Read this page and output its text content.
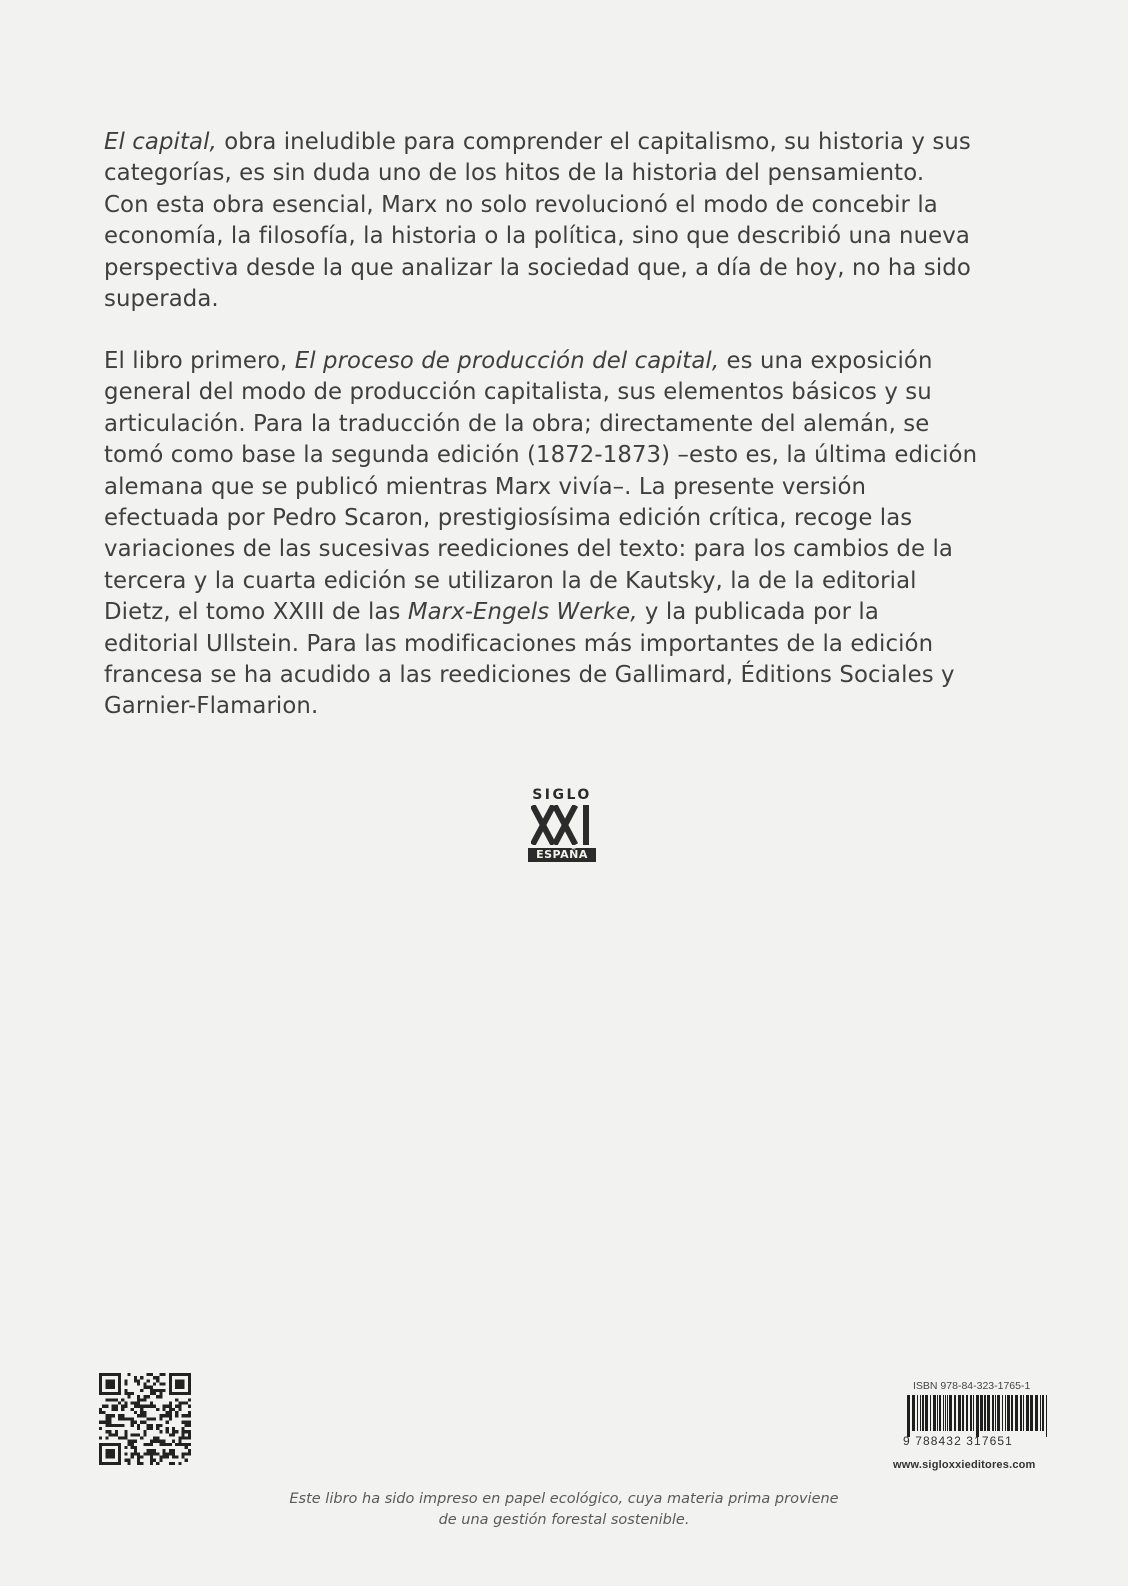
El capital, obra ineludible para comprender el capitalismo, su historia y sus

categorías, es sin duda uno de los hitos de la historia del pensamiento.

Con esta obra esencial, Marx no solo revolucionó el modo de concebir la

economía, la filosofía, la historia o la política, sino que describió una nueva

perspectiva desde la que analizar la sociedad que, a día de hoy, no ha sido

superada.

El libro primero, El proceso de producción del capital, es una exposición

general del modo de producción capitalista, sus elementos básicos y su

articulación. Para la traducción de la obra; directamente del alemán, se

tomó como base la segunda edición (1872-1873) –esto es, la última edición

alemana que se publicó mientras Marx vivía–. La presente versión

efectuada por Pedro Scaron, prestigiosísima edición crítica, recoge las

variaciones de las sucesivas reediciones del texto: para los cambios de la

tercera y la cuarta edición se utilizaron la de Kautsky, la de la editorial

Dietz, el tomo XXIII de las Marx-Engels Werke, y la publicada por la

editorial Ullstein. Para las modificaciones más importantes de la edición

francesa se ha acudido a las reediciones de Gallimard, Éditions Sociales y

Garnier-Flamarion.

SIGLO
ESPAÑA
ISBN 978-84-323-1765-1
9 788432 317651
www.sigloxxieditores.com
Este libro ha sido impreso en papel ecológico, cuya materia prima proviene
de una gestión forestal sostenible.
